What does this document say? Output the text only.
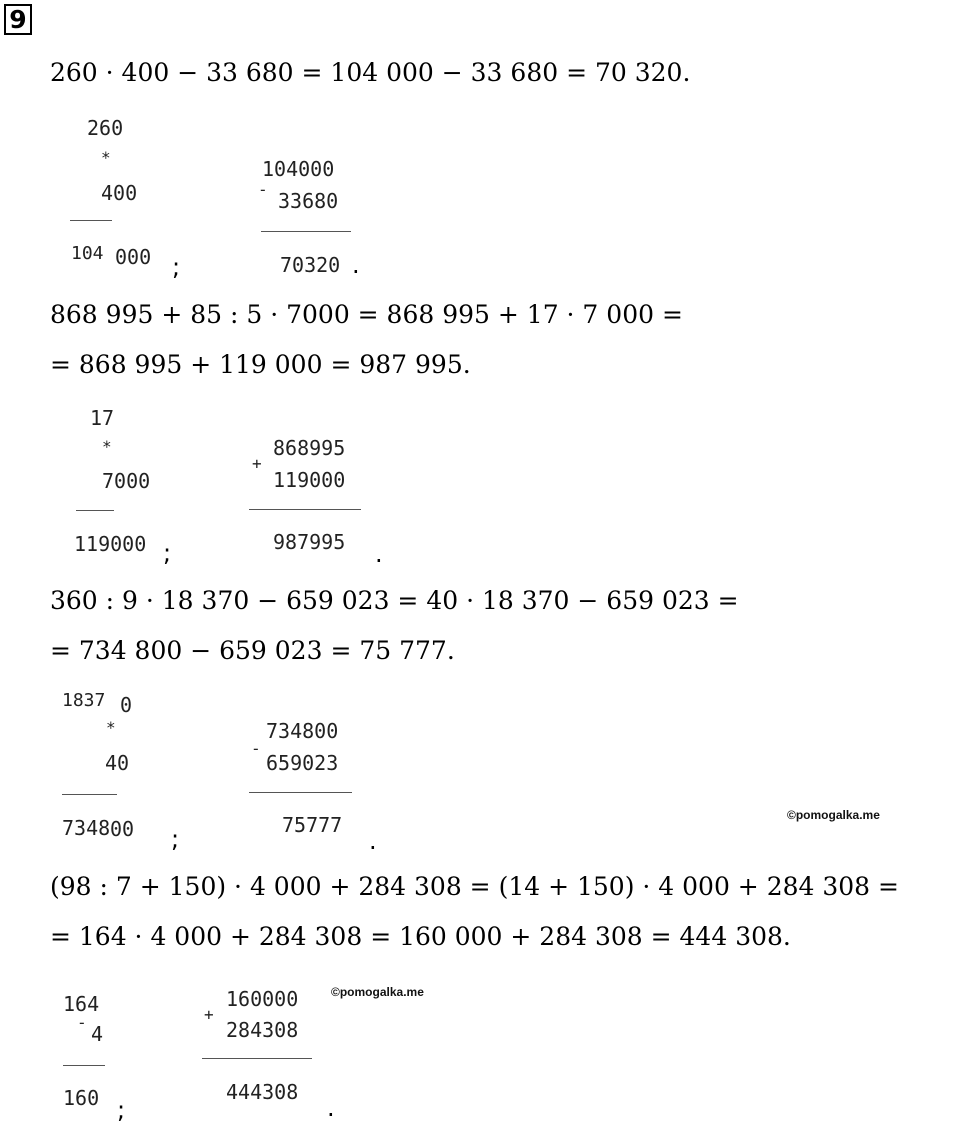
9
260 · 400 − 33 680 = 104 000 − 33 680 = 70 320.
260
*
400
104 000 ;
104000
- 33680
70320 .
868 995 + 85 : 5 · 7000 = 868 995 + 17 · 7 000 =
= 868 995 + 119 000 = 987 995.
17
*
7000
119000 ;
868995
+
119000
987995 .
360 : 9 · 18 370 − 659 023 = 40 · 18 370 − 659 023 =
= 734 800 − 659 023 = 75 777.
1837 0
*
40
7348 00 ;
734800
-
659023
75777
.
©pomogalka.me
(98 : 7 + 150) · 4 000 + 284 308 = (14 + 150) · 4 000 + 284 308 =
= 164 · 4 000 + 284 308 = 160 000 + 284 308 = 444 308.
164
- 4
160 ;
160000
+
284308
444308
.
©pomogalka.me
